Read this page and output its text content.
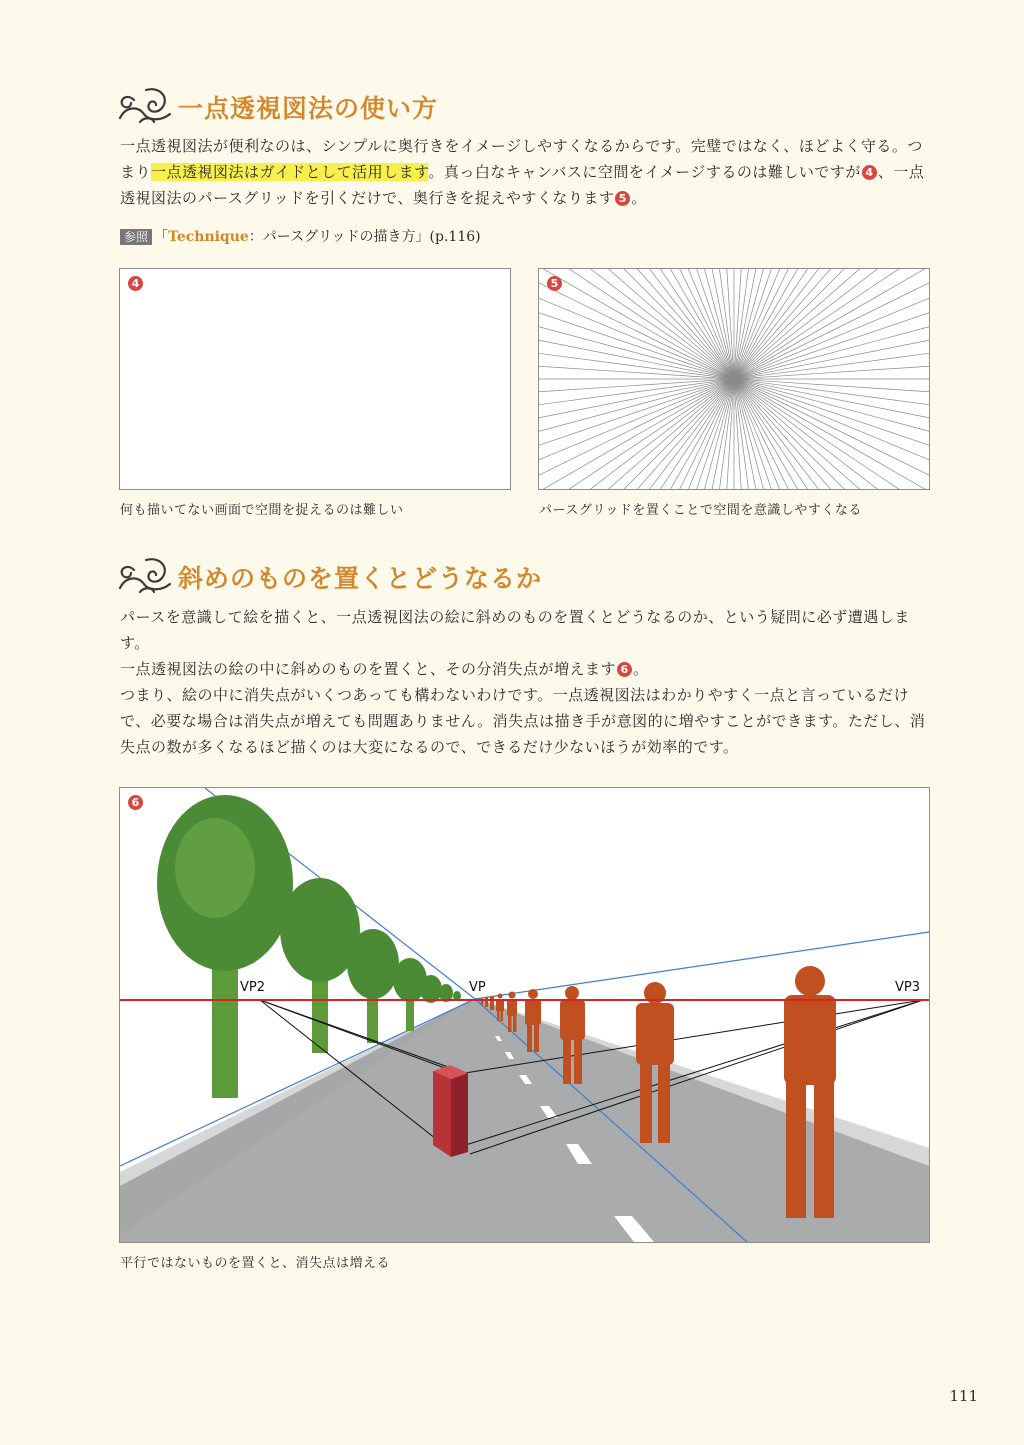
一点透視図法の使い方

一点透視図法が便利なのは、シンプルに奥行きをイメージしやすくなるからです。完璧ではなく、ほどよく守る。つまり一点透視図法はガイドとして活用します。真っ白なキャンバスに空間をイメージするのは難しいですが 4 、一点透視図法のパースグリッドを引くだけで、奥行きを捉えやすくなります 5 。

参照 「Technique：パースグリッドの描き方」(p.116)
4
何も描いてない画面で空間を捉えるのは難しい
5
パースグリッドを置くことで空間を意識しやすくなる
斜めのものを置くとどうなるか

パースを意識して絵を描くと、一点透視図法の絵に斜めのものを置くとどうなるのか、という疑問に必ず遭遇します。

一点透視図法の絵の中に斜めのものを置くと、その分消失点が増えます 6 。

つまり、絵の中に消失点がいくつあっても構わないわけです。一点透視図法はわかりやすく一点と言っているだけで、必要な場合は消失点が増えても問題ありません。消失点は描き手が意図的に増やすことができます。ただし、消失点の数が多くなるほど描くのは大変になるので、できるだけ少ないほうが効率的です。

VP2	VP	VP3
6
平行ではないものを置くと、消失点は増える
111
